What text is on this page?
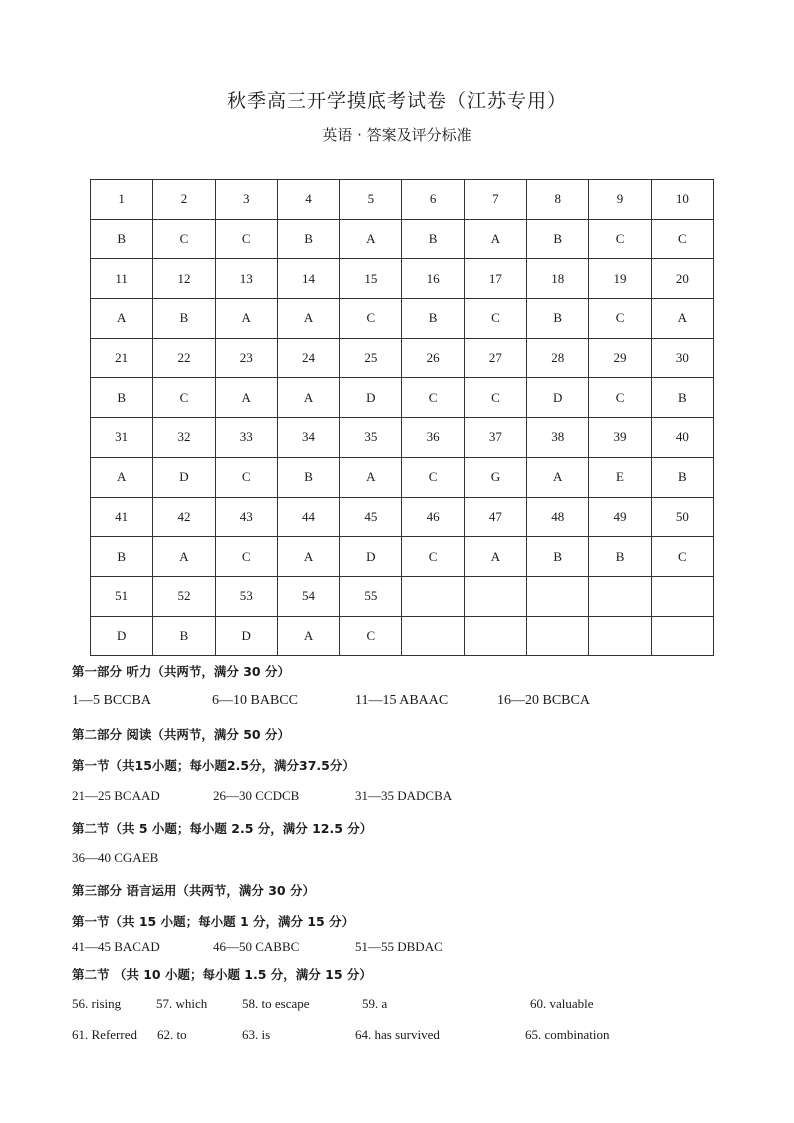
秋季高三开学摸底考试卷（江苏专用）
英语 · 答案及评分标准
1	2	3	4	5	6	7	8	9	10
B	C	C	B	A	B	A	B	C	C
11	12	13	14	15	16	17	18	19	20
A	B	A	A	C	B	C	B	C	A
21	22	23	24	25	26	27	28	29	30
B	C	A	A	D	C	C	D	C	B
31	32	33	34	35	36	37	38	39	40
A	D	C	B	A	C	G	A	E	B
41	42	43	44	45	46	47	48	49	50
B	A	C	A	D	C	A	B	B	C
51	52	53	54	55					
D	B	D	A	C					
第一部分 听力（共两节，满分 30 分）
1—5 BCCBA	6—10 BABCC	11—15 ABAAC	16—20 BCBCA
第二部分 阅读（共两节，满分 50 分）
第一节（共15小题；每小题2.5分，满分37.5分）
21—25 BCAAD	26—30 CCDCB	31—35 DADCBA
第二节（共 5 小题；每小题 2.5 分，满分 12.5 分）
36—40 CGAEB
第三部分 语言运用（共两节，满分 30 分）
第一节（共 15 小题；每小题 1 分，满分 15 分）
41—45 BACAD	46—50 CABBC	51—55 DBDAC
第二节 （共 10 小题；每小题 1.5 分，满分 15 分）
56. rising	57. which	58. to escape	59. a	60. valuable
61. Referred 62. to	63. is	64. has survived	65. combination
